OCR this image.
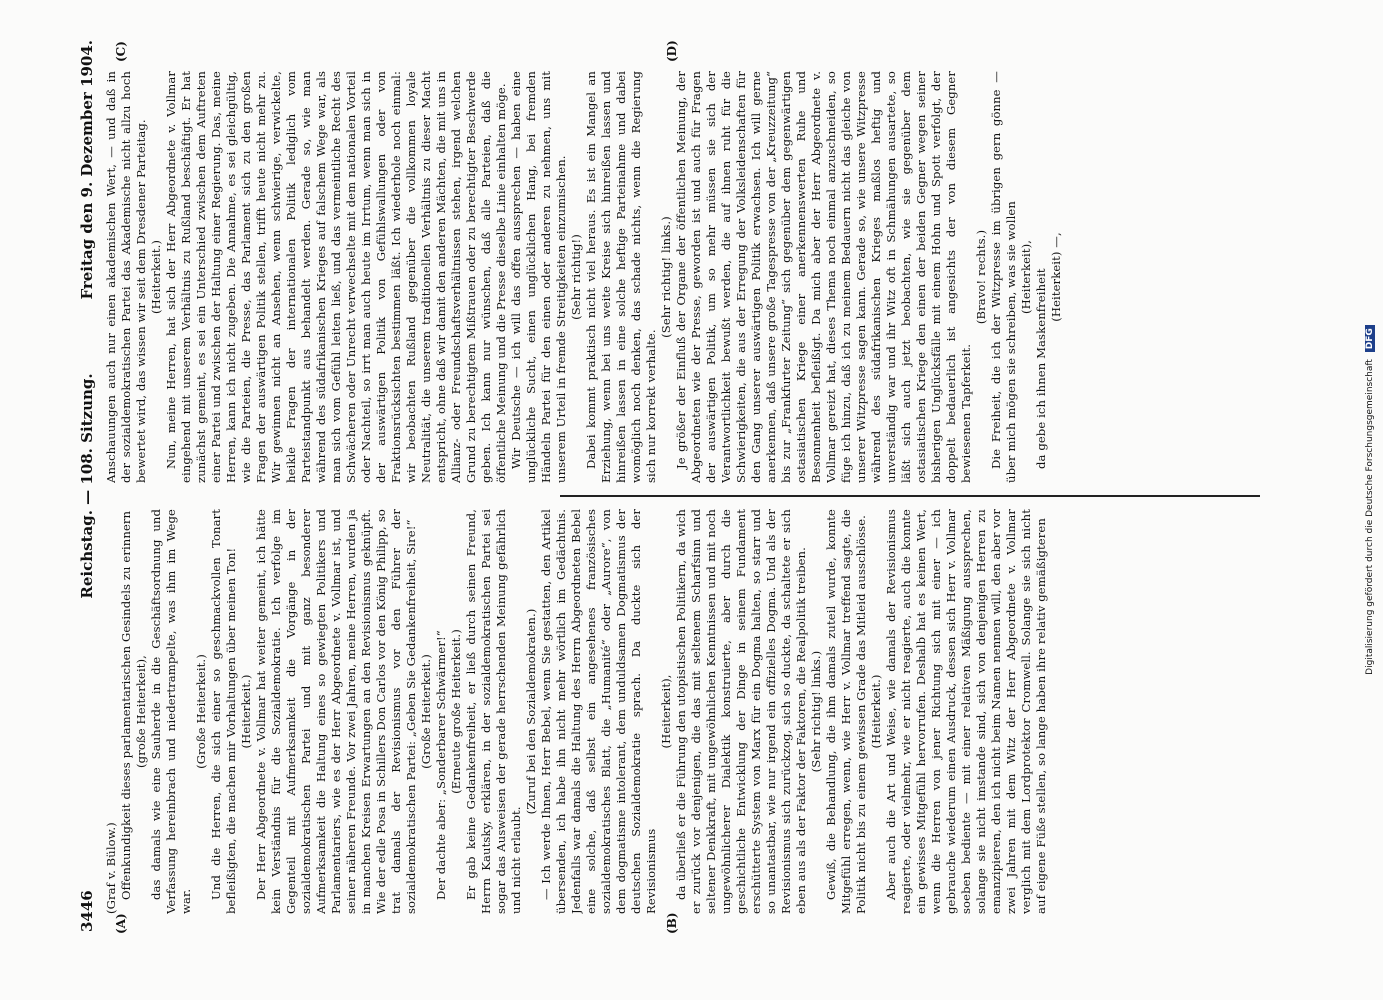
3446
Reichstag. — 108. Sitzung.
Freitag den 9. Dezember 1904.
(A)	(B)
(C)	(D)

(Graf v. Bülow.) Offenkundigkeit dieses parlamentarischen Gesindels zu erinnern (große Heiterkeit), das damals wie eine Sauherde in die Geschäftsordnung und Verfassung hereinbrach und niedertrampelte, was ihm im Wege war.

(Große Heiterkeit.) Und die Herren, die sich einer so geschmackvollen Tonart befleißigten, die machen mir Vorhaltungen über meinen Ton! (Heiterkeit.) Der Herr Abgeordnete v. Vollmar hat weiter gemeint, ich hätte kein Verständnis für die Sozialdemokratie. Ich verfolge im Gegenteil mit Aufmerksamkeit die Vorgänge in der sozialdemokratischen Partei und mit ganz besonderer Aufmerksamkeit die Haltung eines so gewiegten Politikers und Parlamentariers, wie es der Herr Abgeordnete v. Vollmar ist, und seiner näheren Freunde. Vor zwei Jahren, meine Herren, wurden ja in manchen Kreisen Erwartungen an den Revisionismus geknüpft. Wie der edle Posa in Schillers Don Carlos vor den König Philipp, so trat damals der Revisionismus vor den Führer der sozialdemokratischen Partei: „Geben Sie Gedankenfreiheit, Sire!“ (Große Heiterkeit.) Der dachte aber: „Sonderbarer Schwärmer!“ (Erneute große Heiterkeit.) Er gab keine Gedankenfreiheit, er ließ durch seinen Freund, Herrn Kautsky, erklären, in der sozialdemokratischen Partei sei sogar das Ausweisen der gerade herrschenden Meinung gefährlich und nicht erlaubt.

(Zuruf bei den Sozialdemokraten.) — Ich werde Ihnen, Herr Bebel, wenn Sie gestatten, den Artikel übersenden, ich habe ihn nicht mehr wörtlich im Gedächtnis. Jedenfalls war damals die Haltung des Herrn Abgeordneten Bebel eine solche, daß selbst ein angesehenes französisches sozialdemokratisches Blatt, die „Humanité“ oder „Aurore“, von dem dogmatisme intolerant, dem unduldsamen Dogmatismus der deutschen Sozialdemokratie sprach. Da duckte sich der Revisionismus

(Heiterkeit), da überließ er die Führung den utopistischen Politikern, da wich er zurück vor denjenigen, die das mit seltenem Scharfsinn und seltener Denkkraft, mit ungewöhnlichen Kenntnissen und mit noch ungewöhnlicherer Dialektik konstruierte, aber durch die geschichtliche Entwicklung der Dinge in seinem Fundament erschütterte System von Marx für ein Dogma halten, so starr und so unantastbar, wie nur irgend ein offizielles Dogma. Und als der Revisionismus sich zurückzog, sich so duckte, da schaltete er sich eben aus als der Faktor der Faktoren, die Realpolitik treiben. (Sehr richtig! links.) Gewiß, die Behandlung, die ihm damals zuteil wurde, konnte Mitgefühl erregen, wenn, wie Herr v. Vollmar treffend sagte, die Politik nicht bis zu einem gewissen Grade das Mitleid ausschlösse. (Heiterkeit.) Aber auch die Art und Weise, wie damals der Revisionismus reagierte, oder vielmehr, wie er nicht reagierte, auch die konnte ein gewisses Mitgefühl hervorrufen. Deshalb hat es keinen Wert, wenn die Herren von jener Richtung sich mit einer — ich gebrauche wiederum einen Ausdruck, dessen sich Herr v. Vollmar soeben bediente — mit einer relativen Mäßigung aussprechen, solange sie nicht imstande sind, sich von denjenigen Herren zu emanzipieren, den ich nicht beim Namen nennen will, den aber vor zwei Jahren mit dem Witz der Herr Abgeordnete v. Vollmar verglich mit dem Lordprotektor Cromwell. Solange sie sich nicht auf eigene Füße stellen, so lange haben ihre relativ gemäßigteren

Anschauungen auch nur einen akademischen Wert, — und daß in der sozialdemokratischen Partei das Akademische nicht allzu hoch bewertet wird, das wissen wir seit dem Dresdener Parteitag. (Heiterkeit.) Nun, meine Herren, hat sich der Herr Abgeordnete v. Vollmar eingehend mit unserem Verhältnis zu Rußland beschäftigt. Er hat zunächst gemeint, es sei ein Unterschied zwischen dem Auftreten einer Partei und zwischen der Haltung einer Regierung. Das, meine Herren, kann ich nicht zugeben. Die Annahme, es sei gleichgültig, wie die Parteien, die Presse, das Parlament sich zu den großen Fragen der auswärtigen Politik stellen, trifft heute nicht mehr zu. Wir gewinnen nicht an Ansehen, wenn schwierige, verwickelte, heikle Fragen der internationalen Politik lediglich vom Parteistandpunkt aus behandelt werden. Gerade so, wie man während des südafrikanischen Krieges auf falschem Wege war, als man sich vom Gefühl leiten ließ, und das vermeintliche Recht des Schwächeren oder Unrecht verwechselte mit dem nationalen Vorteil oder Nachteil, so irrt man auch heute im Irrtum, wenn man sich in der auswärtigen Politik von Gefühlswallungen oder von Fraktionsrücksichten bestimmen läßt. Ich wiederhole noch einmal: wir beobachten Rußland gegenüber die vollkommen loyale Neutralität, die unserem traditionellen Verhältnis zu dieser Macht entspricht, ohne daß wir damit den anderen Mächten, die mit uns in Allianz- oder Freundschaftsverhältnissen stehen, irgend welchen Grund zu berechtigtem Mißtrauen oder zu berechtigter Beschwerde geben. Ich kann nur wünschen, daß alle Parteien, daß die öffentliche Meinung und die Presse dieselbe Linie einhalten möge. Wir Deutsche — ich will das offen aussprechen — haben eine unglückliche Sucht, einen unglücklichen Hang, bei fremden Händeln Partei für den einen oder anderen zu nehmen, uns mit unserem Urteil in fremde Streitigkeiten einzumischen. (Sehr richtig!) Dabei kommt praktisch nicht viel heraus. Es ist ein Mangel an Erziehung, wenn bei uns weite Kreise sich hinreißen lassen und hinreißen lassen in eine solche heftige Parteinahme und dabei womöglich noch denken, das schade nichts, wenn die Regierung sich nur korrekt verhalte.

(Sehr richtig! links.) Je größer der Einfluß der Organe der öffentlichen Meinung, der Abgeordneten wie der Presse, geworden ist und auch für Fragen der auswärtigen Politik, um so mehr müssen sie sich der Verantwortlichkeit bewußt werden, die auf ihnen ruht für die Schwierigkeiten, die aus der Erregung der Volksleidenschaften für den Gang unserer auswärtigen Politik erwachsen. Ich will gerne anerkennen, daß unsere große Tagespresse von der „Kreuzzeitung“ bis zur „Frankfurter Zeitung“ sich gegenüber dem gegenwärtigen ostasiatischen Kriege einer anerkennenswerten Ruhe und Besonnenheit befleißigt. Da mich aber der Herr Abgeordnete v. Vollmar gereizt hat, dieses Thema noch einmal anzuschneiden, so füge ich hinzu, daß ich zu meinem Bedauern nicht das gleiche von unserer Witzpresse sagen kann. Gerade so, wie unsere Witzpresse während des südafrikanischen Krieges maßlos heftig und unverständig war und ihr Witz oft in Schmähungen ausartete, so läßt sich auch jetzt beobachten, wie sie gegenüber dem ostasiatischen Kriege den einen der beiden Gegner wegen seiner bisherigen Unglücksfälle mit einem Hohn und Spott verfolgt, der doppelt bedauerlich ist angesichts der von diesem Gegner bewiesenen Tapferkeit.

(Bravo! rechts.) Die Freiheit, die ich der Witzpresse im übrigen gern gönne — über mich mögen sie schreiben, was sie wollen (Heiterkeit), da gebe ich ihnen Maskenfreiheit (Heiterkeit) —,

Digitalisierung gefördert durch die Deutsche Forschungsgemeinschaft DFG
